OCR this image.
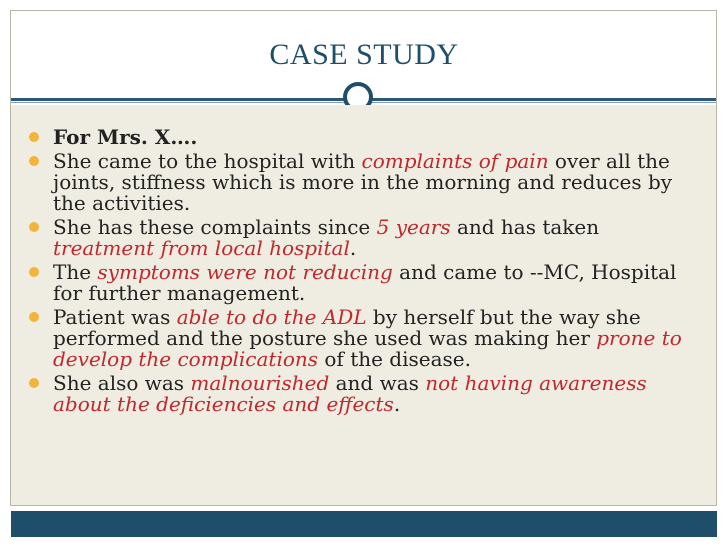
CASE STUDY
For Mrs. X….
She came to the hospital with complaints of pain over all the joints, stiffness which is more in the morning and reduces by the activities.
She has these complaints since 5 years and has taken treatment from local hospital.
The symptoms were not reducing and came to --MC, Hospital for further management.
Patient was able to do the ADL by herself but the way she performed and the posture she used was making her prone to develop the complications of the disease.
She also was malnourished and was not having awareness about the deficiencies and effects.
